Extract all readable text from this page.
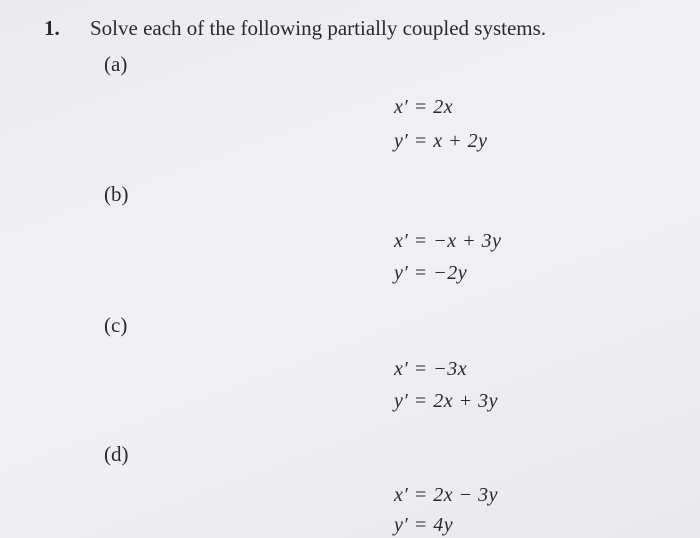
1. Solve each of the following partially coupled systems.
(a)
x′ = 2x
y′ = x + 2y
(b)
x′ = −x + 3y
y′ = −2y
(c)
x′ = −3x
y′ = 2x + 3y
(d)
x′ = 2x − 3y
y′ = 4y
